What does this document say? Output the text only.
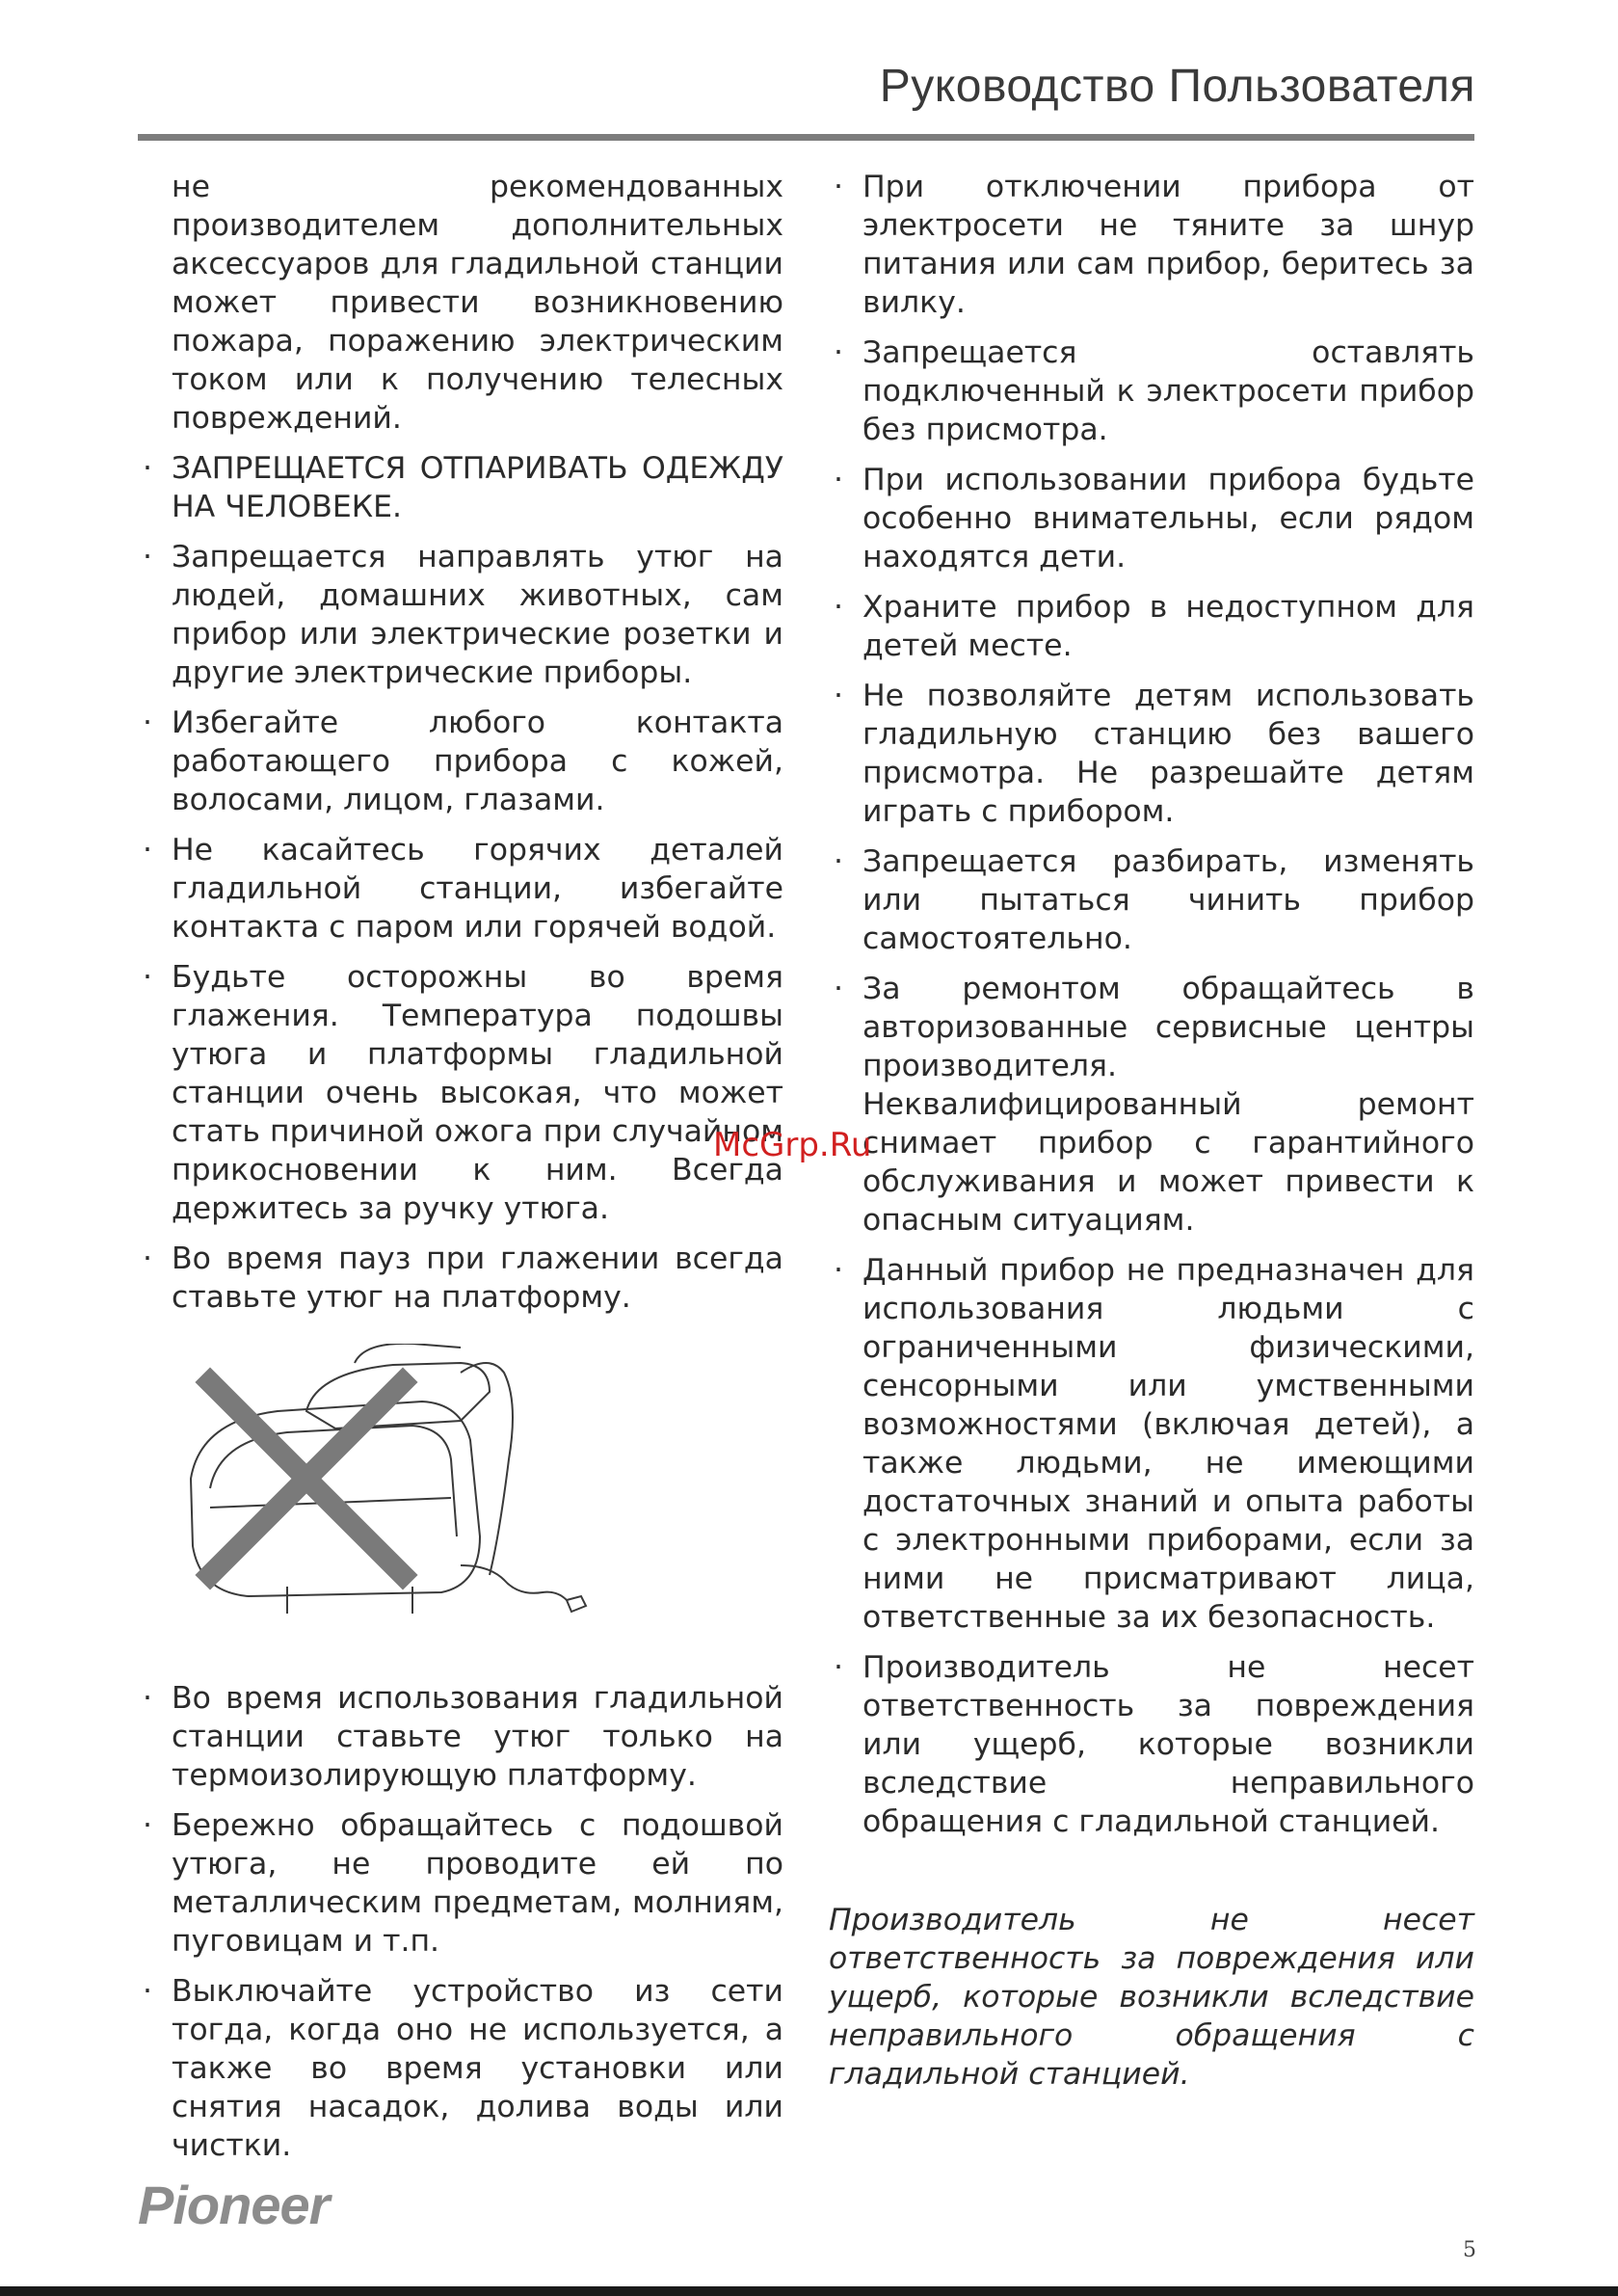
Руководство Пользователя
не рекомендованных производителем дополнительных аксессуаров для гладильной станции может привести возникновению пожара, поражению электрическим током или к получению телесных повреждений.
· ЗАПРЕЩАЕТСЯ ОТПАРИВАТЬ ОДЕЖДУ НА ЧЕЛОВЕКЕ.
· Запрещается направлять утюг на людей, домашних животных, сам прибор или электрические розетки и другие электрические приборы.
· Избегайте любого контакта работающего прибора с кожей, волосами, лицом, глазами.
· Не касайтесь горячих деталей гладильной станции, избегайте контакта с паром или горячей водой.
· Будьте осторожны во время глажения. Температура подошвы утюга и платформы гладильной станции очень высокая, что может стать причиной ожога при случайном прикосновении к ним. Всегда держитесь за ручку утюга.
· Во время пауз при глажении всегда ставьте утюг на платформу.
· Во время использования гладильной станции ставьте утюг только на термоизолирующую платформу.
· Бережно обращайтесь с подошвой утюга, не проводите ей по металлическим предметам, молниям, пуговицам и т.п.
· Выключайте устройство из сети тогда, когда оно не используется, а также во время установки или снятия насадок, долива воды или чистки.
· При отключении прибора от электросети не тяните за шнур питания или сам прибор, беритесь за вилку.
· Запрещается оставлять подключенный к электросети прибор без присмотра.
· При использовании прибора будьте особенно внимательны, если рядом находятся дети.
· Храните прибор в недоступном для детей месте.
· Не позволяйте детям использовать гладильную станцию без вашего присмотра. Не разрешайте детям играть с прибором.
· Запрещается разбирать, изменять или пытаться чинить прибор самостоятельно.
· За ремонтом обращайтесь в авторизованные сервисные центры производителя. Неквалифицированный ремонт снимает прибор с гарантийного обслуживания и может привести к опасным ситуациям.
· Данный прибор не предназначен для использования людьми с ограниченными физическими, сенсорными или умственными возможностями (включая детей), а также людьми, не имеющими достаточных знаний и опыта работы с электронными приборами, если за ними не присматривают лица, ответственные за их безопасность.
· Производитель не несет ответственность за повреждения или ущерб, которые возникли вследствие неправильного обращения с гладильной станцией.
Производитель не несет ответственность за повреждения или ущерб, которые возникли вследствие неправильного обращения с гладильной станцией.
McGrp.Ru
Pioneer
5
